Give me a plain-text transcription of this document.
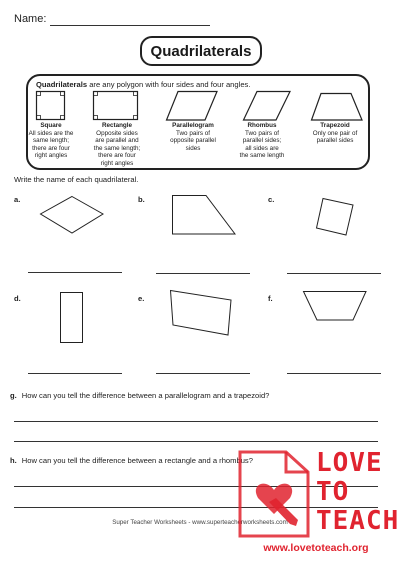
Name:
Quadrilaterals
Quadrilaterals are any polygon with four sides and four angles.
Square
All sides are the
same length;
there are four
right angles
Rectangle
Opposite sides
are parallel and
the same length;
there are four
right angles
Parallelogram
Two pairs of
opposite parallel
sides
Rhombus
Two pairs of
parallel sides;
all sides are
the same length
Trapezoid
Only one pair of
parallel sides
Write the name of each quadrilateral.
a.	b.	c.
d.	e.	f.
g. How can you tell the difference between a parallelogram and a trapezoid?
h. How can you tell the difference between a rectangle and a rhombus?
Super Teacher Worksheets - www.superteacherworksheets.com
LOVE
TO
TEACH
www.lovetoteach.org
